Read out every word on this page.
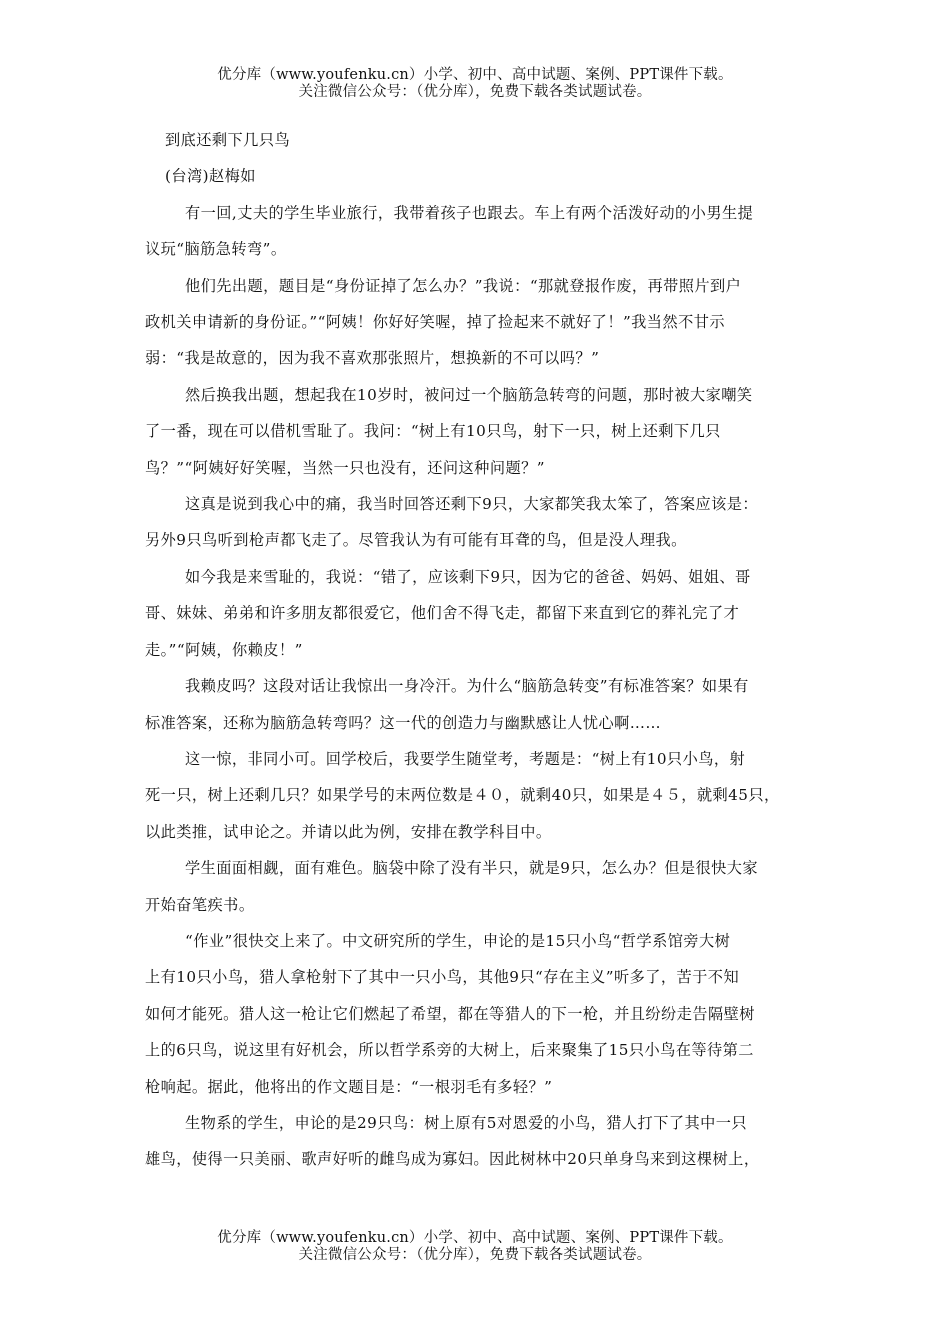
优分库（www.youfenku.cn）小学、初中、高中试题、案例、PPT课件下载。
关注微信公众号：（优分库），免费下载各类试题试卷。

到底还剩下几只鸟
(台湾)赵梅如

有一回,丈夫的学生毕业旅行，我带着孩子也跟去。车上有两个活泼好动的小男生提
议玩“脑筋急转弯”。
他们先出题，题目是“身份证掉了怎么办？”我说：“那就登报作废，再带照片到户
政机关申请新的身份证。”“阿姨！你好好笑喔，掉了捡起来不就好了！”我当然不甘示
弱：“我是故意的，因为我不喜欢那张照片，想换新的不可以吗？”
然后换我出题，想起我在10岁时，被问过一个脑筋急转弯的问题，那时被大家嘲笑
了一番，现在可以借机雪耻了。我问：“树上有10只鸟，射下一只，树上还剩下几只
鸟？”“阿姨好好笑喔，当然一只也没有，还问这种问题？”
这真是说到我心中的痛，我当时回答还剩下9只，大家都笑我太笨了，答案应该是：
另外9只鸟听到枪声都飞走了。尽管我认为有可能有耳聋的鸟，但是没人理我。
如今我是来雪耻的，我说：“错了，应该剩下9只，因为它的爸爸、妈妈、姐姐、哥
哥、妹妹、弟弟和许多朋友都很爱它，他们舍不得飞走，都留下来直到它的葬礼完了才
走。”“阿姨，你赖皮！”
我赖皮吗？这段对话让我惊出一身冷汗。为什么“脑筋急转变”有标准答案？如果有
标准答案，还称为脑筋急转弯吗？这一代的创造力与幽默感让人忧心啊……
这一惊，非同小可。回学校后，我要学生随堂考，考题是：“树上有10只小鸟，射
死一只，树上还剩几只？如果学号的末两位数是４０，就剩40只，如果是４５，就剩45只，
以此类推，试申论之。并请以此为例，安排在教学科目中。
学生面面相觑，面有难色。脑袋中除了没有半只，就是9只，怎么办？但是很快大家
开始奋笔疾书。
“作业”很快交上来了。中文研究所的学生，申论的是15只小鸟“哲学系馆旁大树
上有10只小鸟，猎人拿枪射下了其中一只小鸟，其他9只“存在主义”听多了，苦于不知
如何才能死。猎人这一枪让它们燃起了希望，都在等猎人的下一枪，并且纷纷走告隔壁树
上的6只鸟，说这里有好机会，所以哲学系旁的大树上，后来聚集了15只小鸟在等待第二
枪响起。据此，他将出的作文题目是：“一根羽毛有多轻？”
生物系的学生，申论的是29只鸟：树上原有5对恩爱的小鸟，猎人打下了其中一只
雄鸟，使得一只美丽、歌声好听的雌鸟成为寡妇。因此树林中20只单身鸟来到这棵树上，

优分库（www.youfenku.cn）小学、初中、高中试题、案例、PPT课件下载。
关注微信公众号：（优分库），免费下载各类试题试卷。
